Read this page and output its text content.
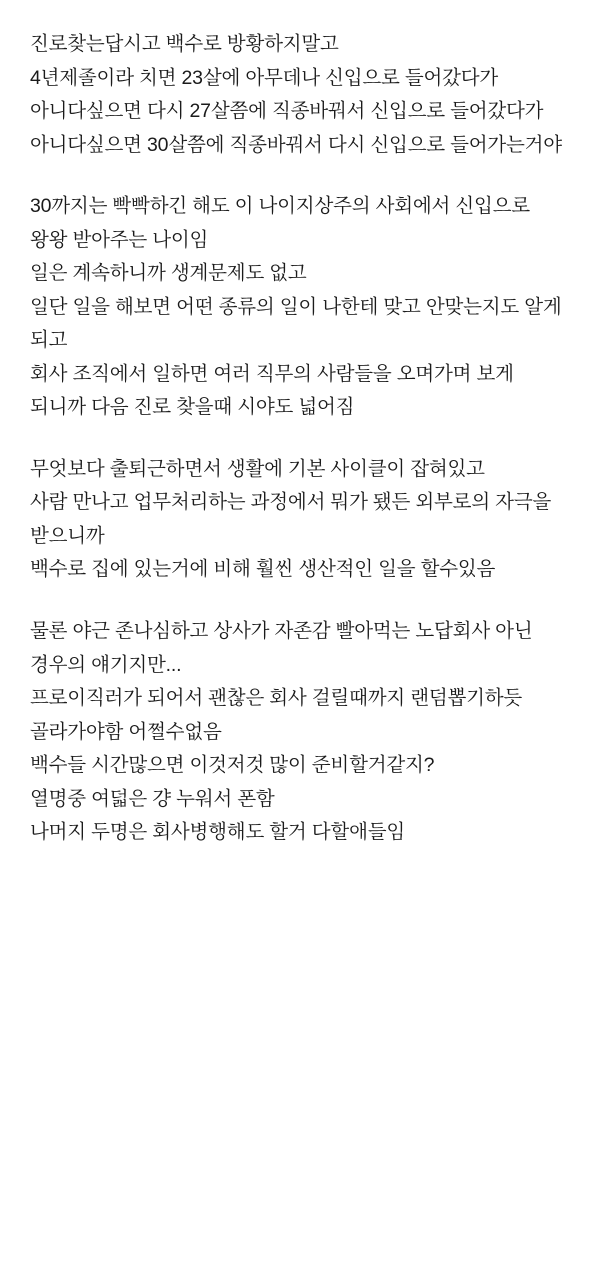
진로찾는답시고 백수로 방황하지말고
4년제졸이라 치면 23살에 아무데나 신입으로 들어갔다가
아니다싶으면 다시 27살쯤에 직종바꿔서 신입으로 들어갔다가
아니다싶으면 30살쯤에 직종바꿔서 다시 신입으로 들어가는거야
30까지는 빡빡하긴 해도 이 나이지상주의 사회에서 신입으로 왕왕 받아주는 나이임
일은 계속하니까 생계문제도 없고
일단 일을 해보면 어떤 종류의 일이 나한테 맞고 안맞는지도 알게 되고
회사 조직에서 일하면 여러 직무의 사람들을 오며가며 보게 되니까 다음 진로 찾을때 시야도 넓어짐
무엇보다 출퇴근하면서 생활에 기본 사이클이 잡혀있고
사람 만나고 업무처리하는 과정에서 뭐가 됐든 외부로의 자극을 받으니까
백수로 집에 있는거에 비해 훨씬 생산적인 일을 할수있음
물론 야근 존나심하고 상사가 자존감 빨아먹는 노답회사 아닌 경우의 얘기지만...
프로이직러가 되어서 괜찮은 회사 걸릴때까지 랜덤뽑기하듯 골라가야함 어쩔수없음
백수들 시간많으면 이것저것 많이 준비할거같지?
열명중 여덟은 걍 누워서 폰함
나머지 두명은 회사병행해도 할거 다할애들임
